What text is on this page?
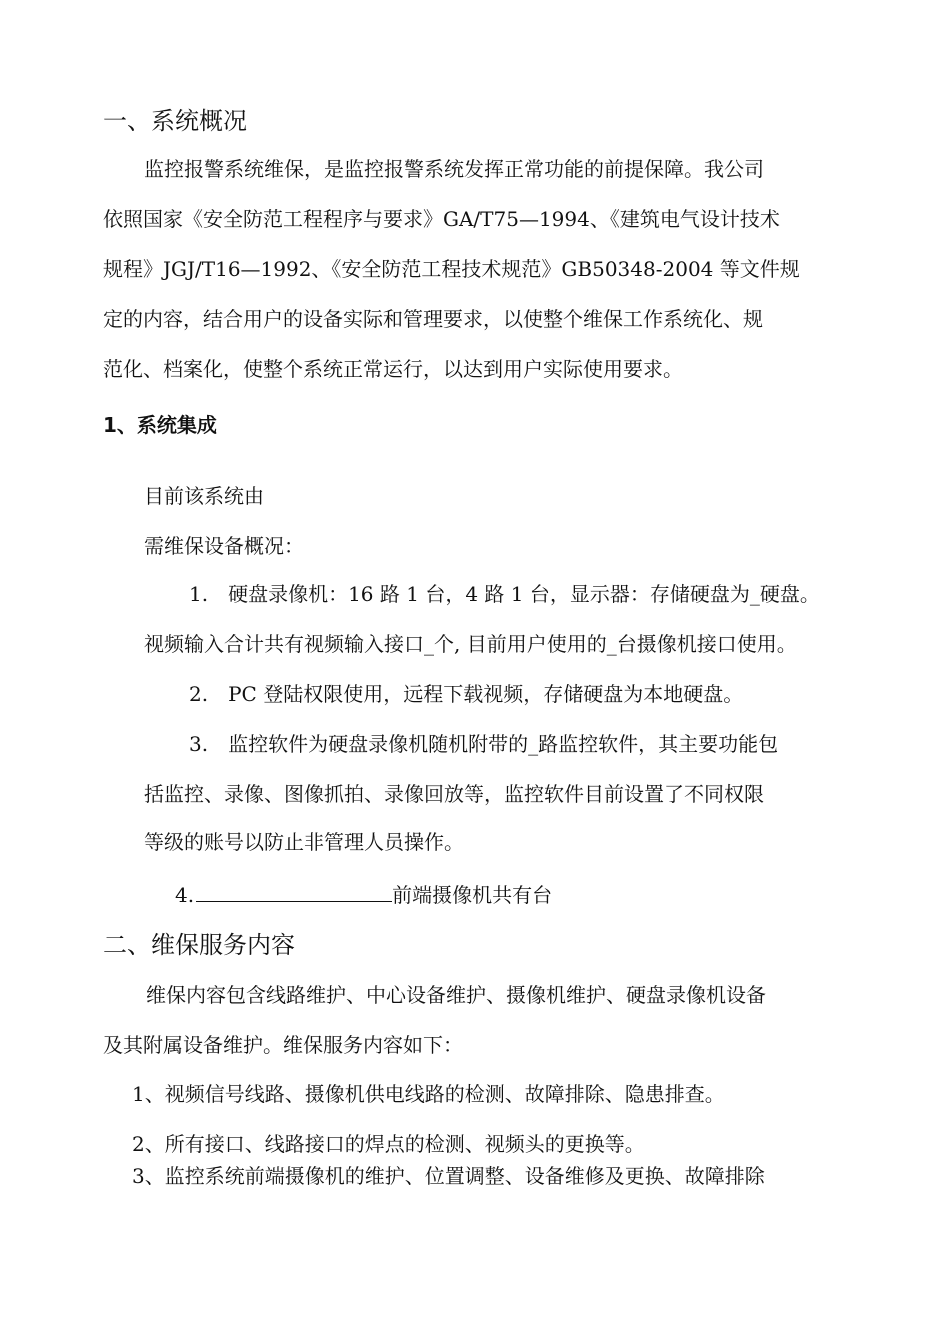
一、系统概况
监控报警系统维保，是监控报警系统发挥正常功能的前提保障。我公司
依照国家《安全防范工程程序与要求》GA/T75—1994、《建筑电气设计技术
规程》JGJ/T16—1992、《安全防范工程技术规范》GB50348-2004 等文件规
定的内容，结合用户的设备实际和管理要求，以使整个维保工作系统化、规
范化、档案化，使整个系统正常运行，以达到用户实际使用要求。
1、系统集成
目前该系统由
需维保设备概况：
1.　硬盘录像机：16 路 1 台，4 路 1 台，显示器：存储硬盘为_硬盘。
视频输入合计共有视频输入接口_个, 目前用户使用的_台摄像机接口使用。
2.　PC 登陆权限使用，远程下载视频，存储硬盘为本地硬盘。
3.　监控软件为硬盘录像机随机附带的_路监控软件，其主要功能包
括监控、录像、图像抓拍、录像回放等，监控软件目前设置了不同权限
等级的账号以防止非管理人员操作。
4.	前端摄像机共有台
二、维保服务内容
维保内容包含线路维护、中心设备维护、摄像机维护、硬盘录像机设备
及其附属设备维护。维保服务内容如下：
1、视频信号线路、摄像机供电线路的检测、故障排除、隐患排查。
2、所有接口、线路接口的焊点的检测、视频头的更换等。
3、监控系统前端摄像机的维护、位置调整、设备维修及更换、故障排除
